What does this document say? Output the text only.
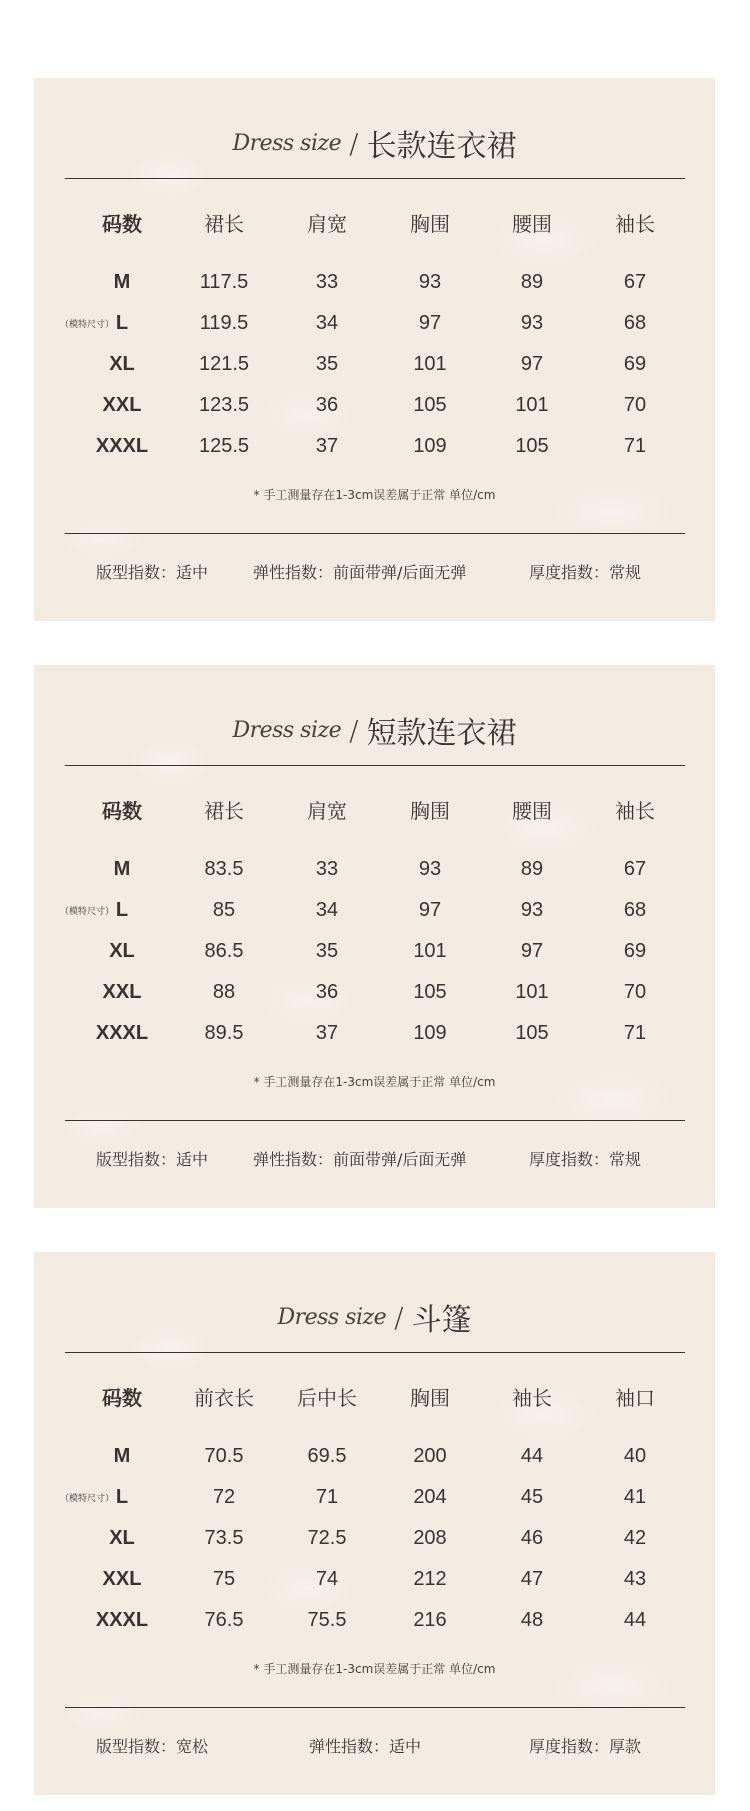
Dress size / 长款连衣裙
码数	裙长	肩宽	胸围	腰围	袖长
M	117.5	33	93	89	67
L	119.5	34	97	93	68
（模特尺寸）
XL	121.5	35	101	97	69
XXL	123.5	36	105	101	70
XXXL	125.5	37	109	105	71
* 手工测量存在1-3cm误差属于正常 单位/cm
版型指数：适中	弹性指数：前面带弹/后面无弹	厚度指数：常规
Dress size / 短款连衣裙
码数	裙长	肩宽	胸围	腰围	袖长
M	83.5	33	93	89	67
L	85	34	97	93	68
（模特尺寸）
XL	86.5	35	101	97	69
XXL	88	36	105	101	70
XXXL	89.5	37	109	105	71
* 手工测量存在1-3cm误差属于正常 单位/cm
版型指数：适中	弹性指数：前面带弹/后面无弹	厚度指数：常规
Dress size / 斗篷
码数	前衣长	后中长	胸围	袖长	袖口
M	70.5	69.5	200	44	40
L	72	71	204	45	41
（模特尺寸）
XL	73.5	72.5	208	46	42
XXL	75	74	212	47	43
XXXL	76.5	75.5	216	48	44
* 手工测量存在1-3cm误差属于正常 单位/cm
版型指数：宽松	弹性指数：适中	厚度指数：厚款
